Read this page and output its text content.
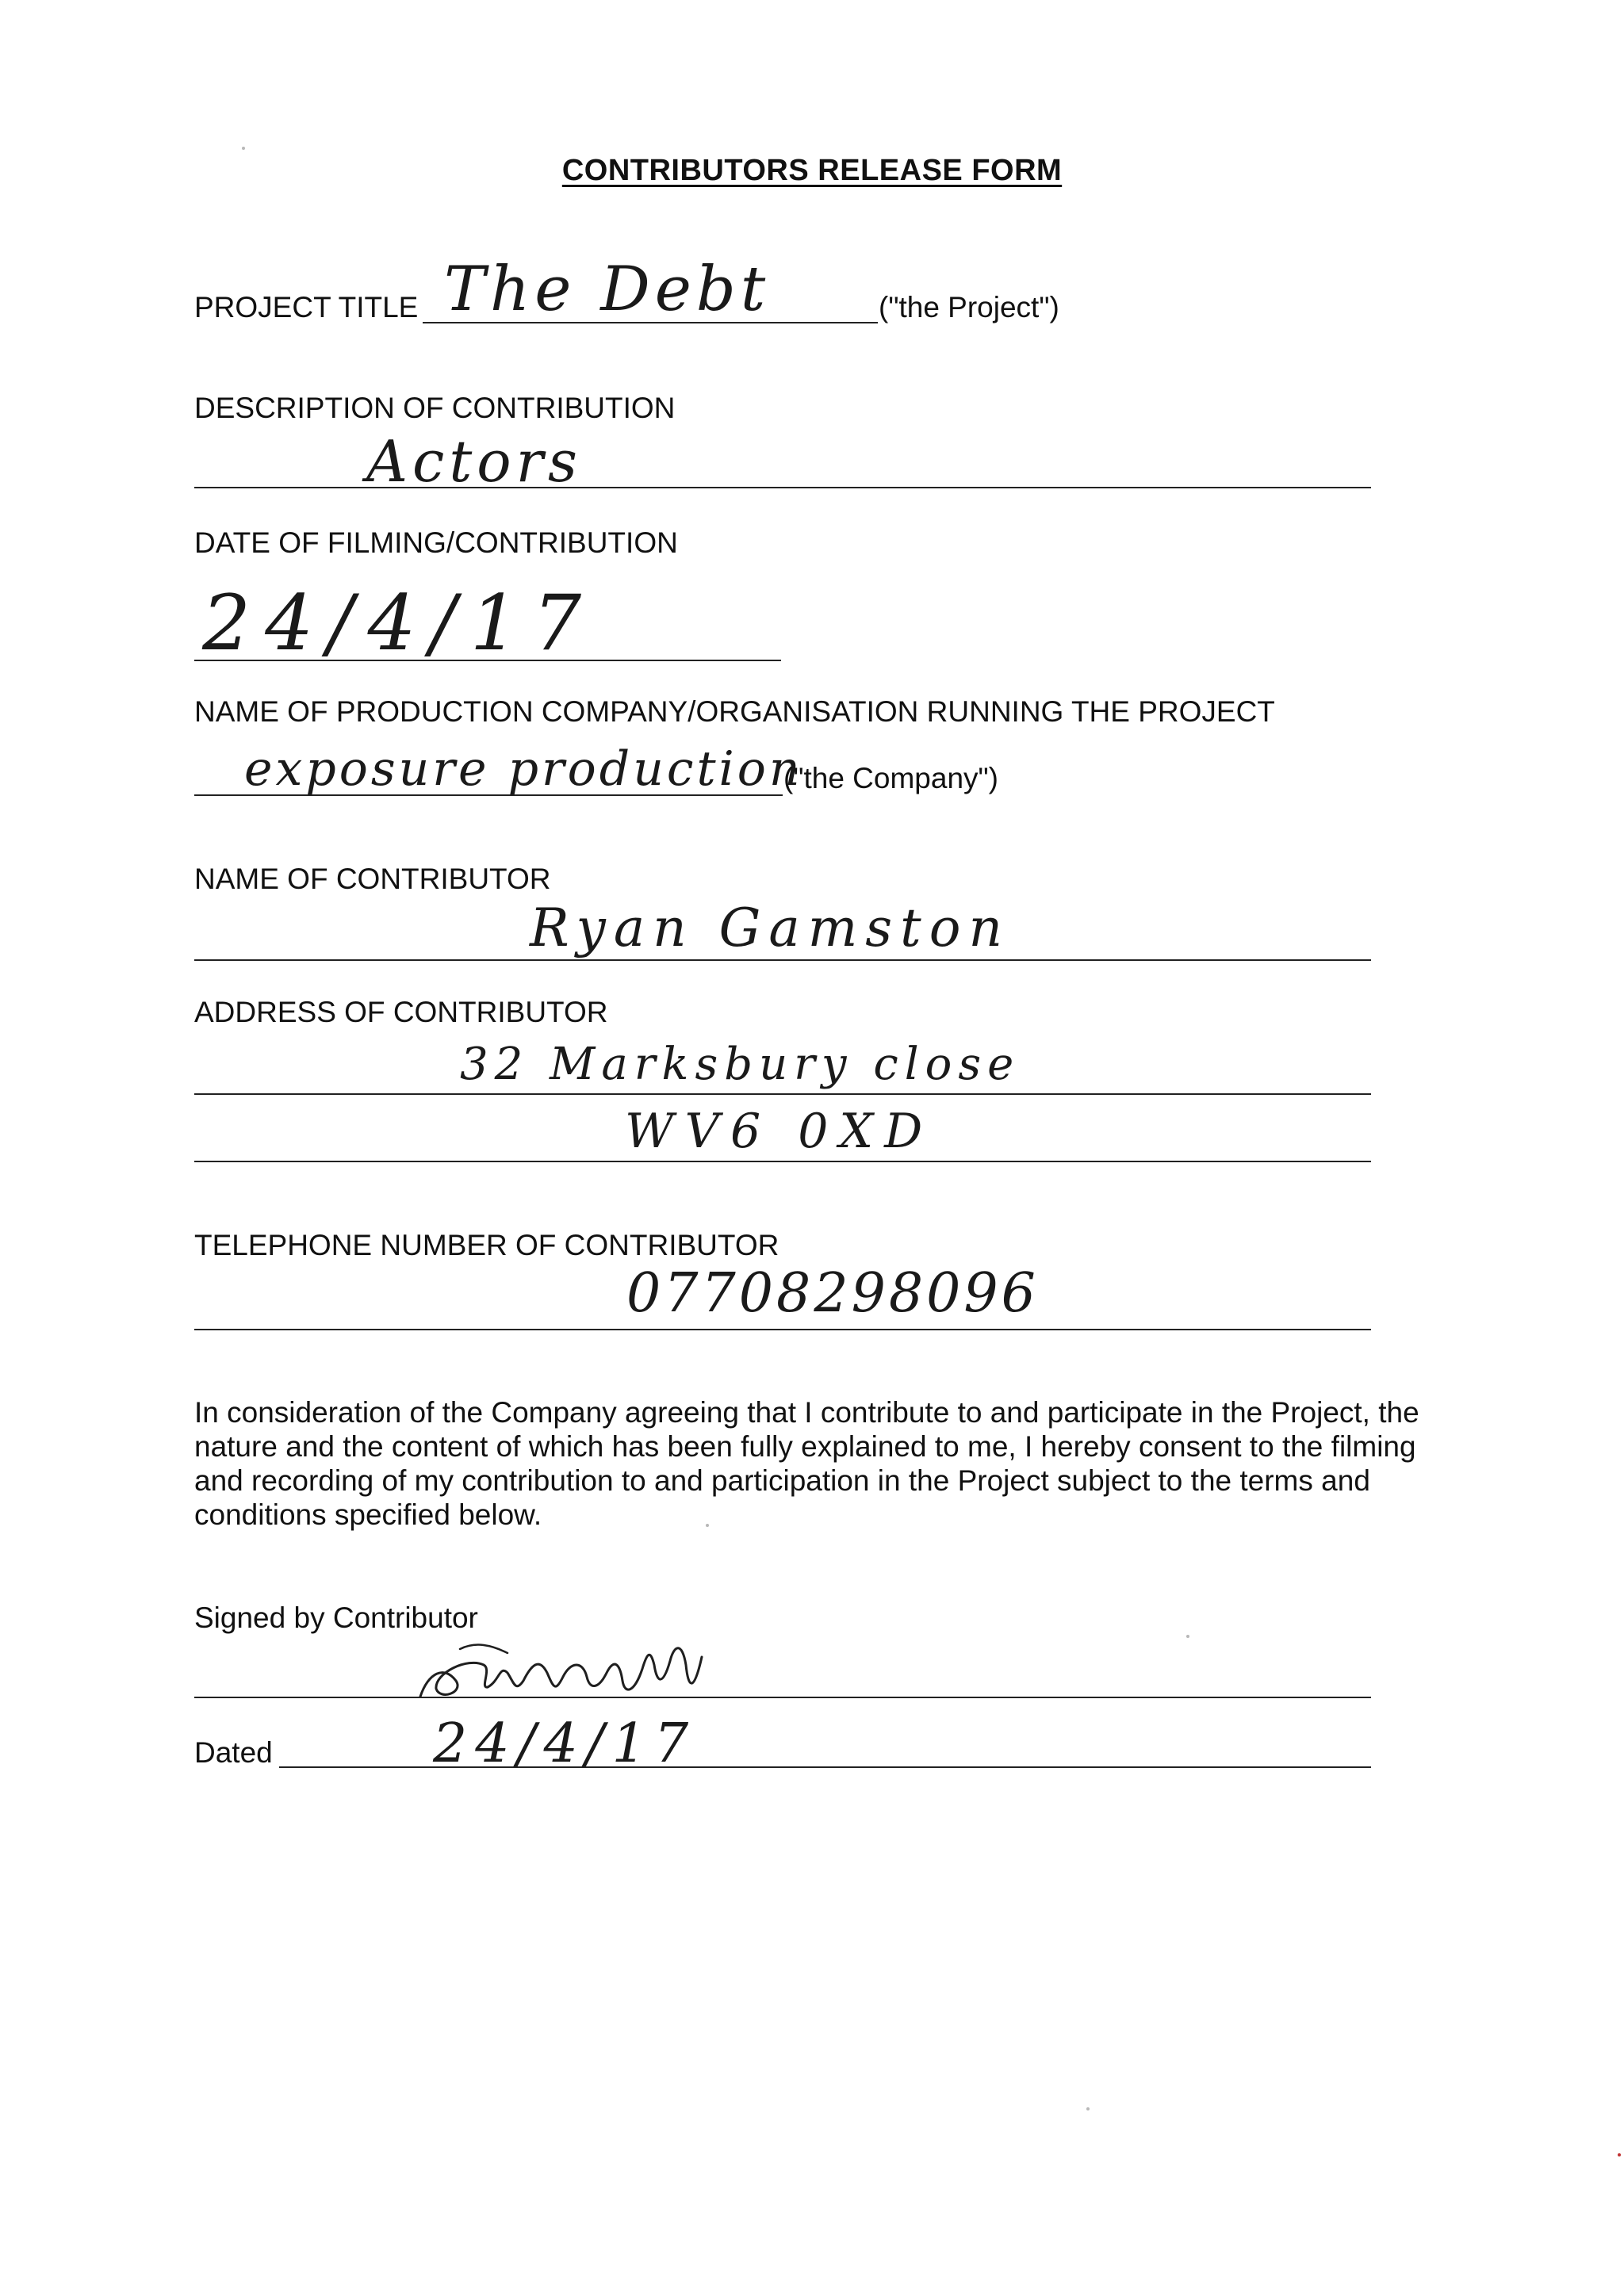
CONTRIBUTORS RELEASE FORM
PROJECT TITLE The Debt	("the Project")
DESCRIPTION OF CONTRIBUTION
Actors
DATE OF FILMING/CONTRIBUTION
24/4/17
NAME OF PRODUCTION COMPANY/ORGANISATION RUNNING THE PROJECT
exposure production
("the Company")
NAME OF CONTRIBUTOR
Ryan Gamston
ADDRESS OF CONTRIBUTOR
32 Marksbury close
WV6 0XD
TELEPHONE NUMBER OF CONTRIBUTOR
07708298096
In consideration of the Company agreeing that I contribute to and participate in the Project, the nature and the content of which has been fully explained to me, I hereby consent to the filming and recording of my contribution to and participation in the Project subject to the terms and conditions specified below.
Signed by Contributor
Dated	24/4/17
